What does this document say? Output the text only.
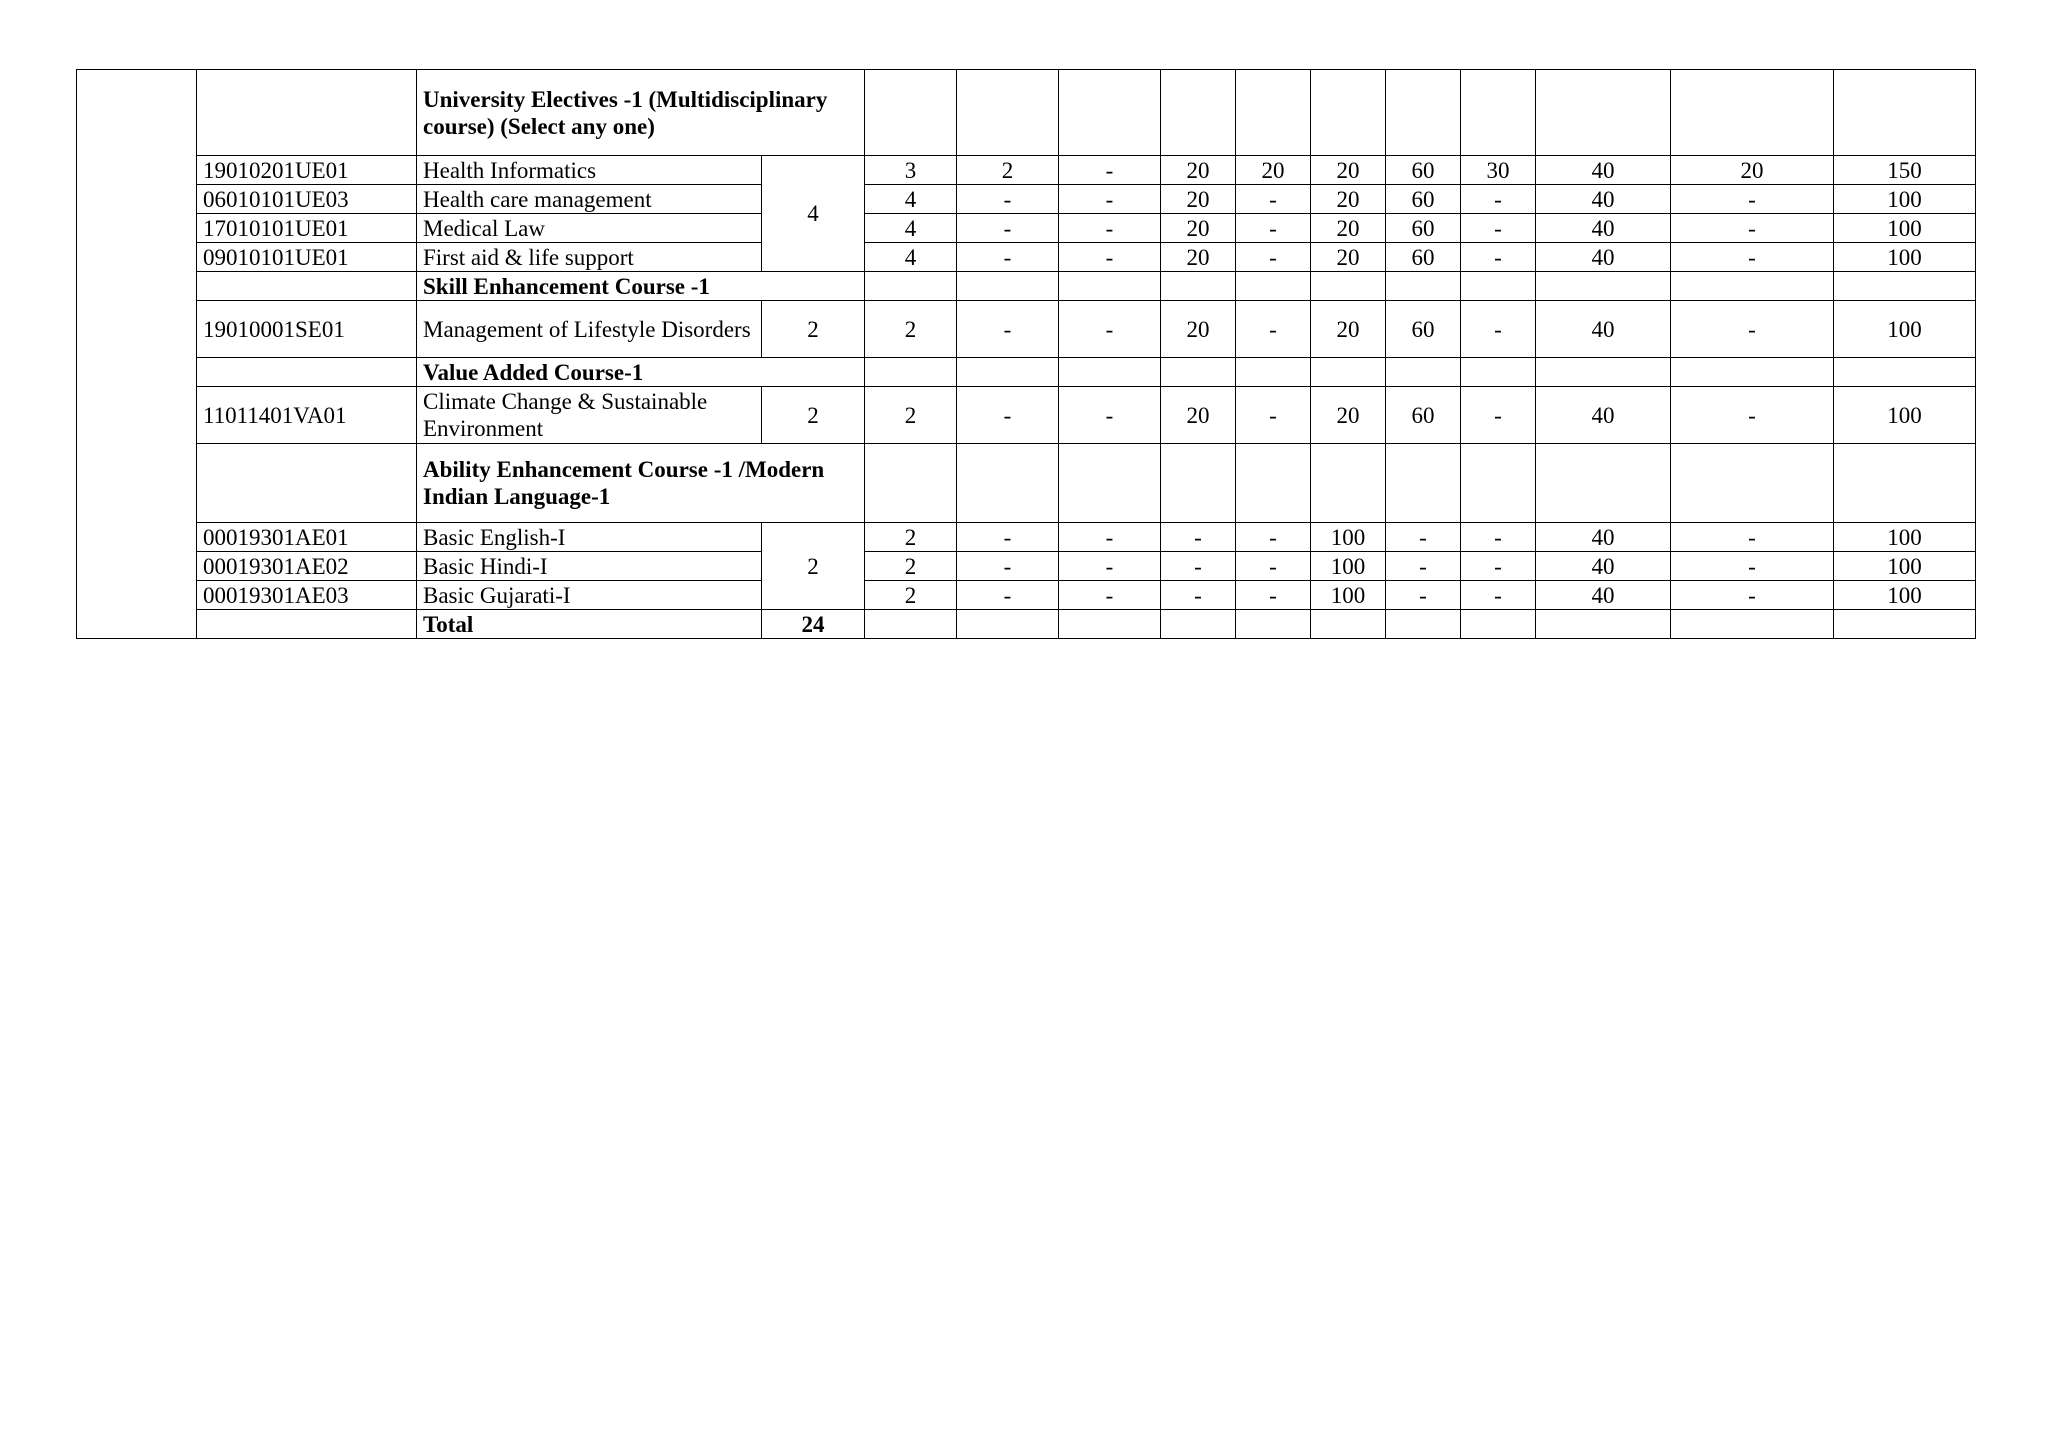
		University Electives -1 (Multidisciplinary course) (Select any one)												
	19010201UE01	Health Informatics	4	3	2	-	20	20	20	60	30	40	20	150
	06010101UE03	Health care management		4	-	-	20	-	20	60	-	40	-	100
	17010101UE01	Medical Law		4	-	-	20	-	20	60	-	40	-	100
	09010101UE01	First aid & life support		4	-	-	20	-	20	60	-	40	-	100
		Skill Enhancement Course -1												
	19010001SE01	Management of Lifestyle Disorders	2	2	-	-	20	-	20	60	-	40	-	100
		Value Added Course-1												
	11011401VA01	Climate Change & Sustainable Environment	2	2	-	-	20	-	20	60	-	40	-	100
		Ability Enhancement Course -1 /Modern Indian Language-1												
	00019301AE01	Basic English-I	2	2	-	-	-	-	100	-	-	40	-	100
	00019301AE02	Basic Hindi-I		2	-	-	-	-	100	-	-	40	-	100
	00019301AE03	Basic Gujarati-I		2	-	-	-	-	100	-	-	40	-	100
		Total	24											
